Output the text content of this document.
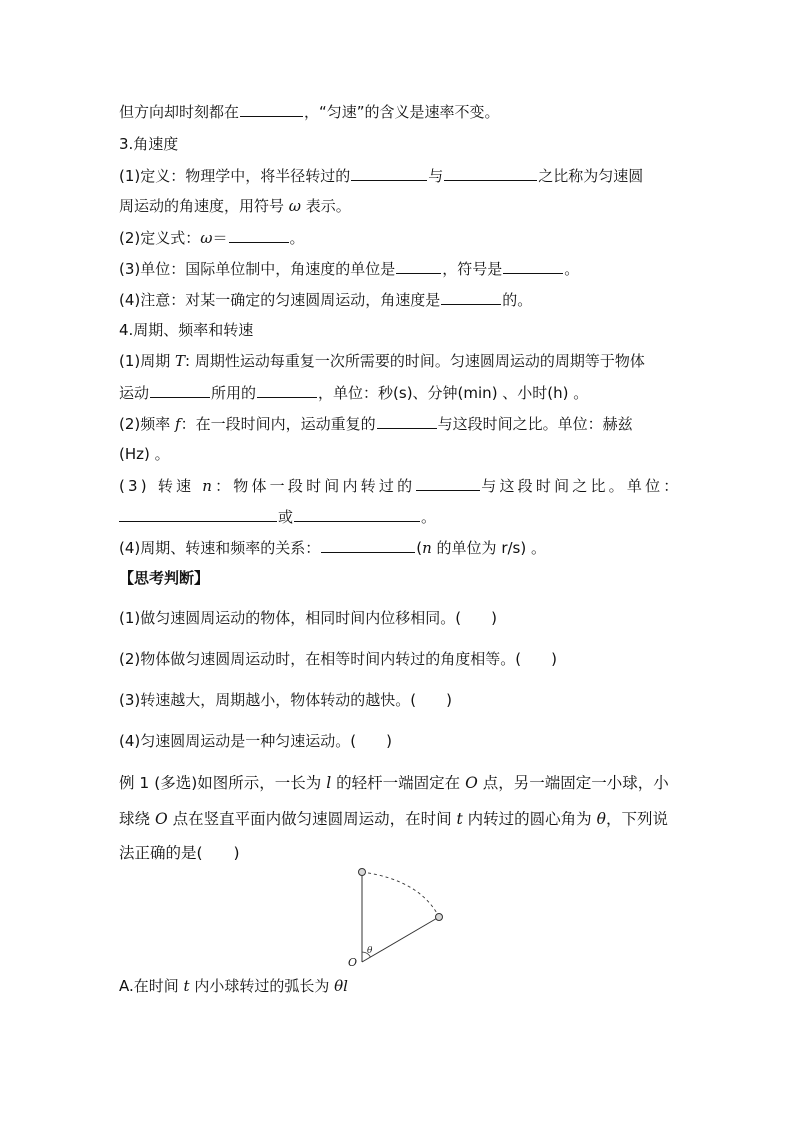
但方向却时刻都在	，“匀速”的含义是速率不变。
3.角速度
(1)定义：物理学中，将半径转过的	与	之比称为匀速圆
周运动的角速度，用符号 ω 表示。
(2)定义式：ω＝	。
(3)单位：国际单位制中，角速度的单位是	，符号是	。
(4)注意：对某一确定的匀速圆周运动，角速度是	的。
4.周期、频率和转速
(1)周期 T: 周期性运动每重复一次所需要的时间。匀速圆周运动的周期等于物体
运动	所用的	，单位：秒(s)、分钟(min) 、小时(h) 。
(2)频率 f：在一段时间内，运动重复的	与这段时间之比。单位：赫兹
(Hz) 。
(3) 转速 n：物体一段时间内转过的	与这段时间之比。单位：
或	。
(4)周期、转速和频率的关系：	(n 的单位为 r/s) 。
【思考判断】
(1)做匀速圆周运动的物体，相同时间内位移相同。(　　)
(2)物体做匀速圆周运动时，在相等时间内转过的角度相等。(　　)
(3)转速越大，周期越小，物体转动的越快。(　　)
(4)匀速圆周运动是一种匀速运动。(　　)
例 1 (多选)如图所示，一长为 l 的轻杆一端固定在 O 点，另一端固定一小球，小
球绕 O 点在竖直平面内做匀速圆周运动，在时间 t 内转过的圆心角为 θ，下列说
法正确的是(　　)
O
θ
A.在时间 t 内小球转过的弧长为 θl
